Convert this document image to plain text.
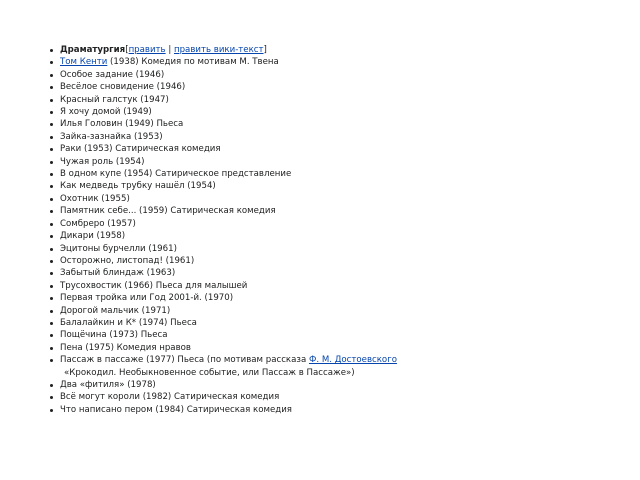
Драматургия[править | править вики-текст]
Том Кенти (1938) Комедия по мотивам М. Твена
Особое задание (1946)
Весёлое сновидение (1946)
Красный галстук (1947)
Я хочу домой (1949)
Илья Головин (1949) Пьеса
Зайка-зазнайка (1953)
Раки (1953) Сатирическая комедия
Чужая роль (1954)
В одном купе (1954) Сатирическое представление
Как медведь трубку нашёл (1954)
Охотник (1955)
Памятник себе... (1959) Сатирическая комедия
Сомбреро (1957)
Дикари (1958)
Эцитоны бурчелли (1961)
Осторожно, листопад! (1961)
Забытый блиндаж (1963)
Трусохвостик (1966) Пьеса для малышей
Первая тройка или Год 2001-й. (1970)
Дорогой мальчик (1971)
Балалайкин и К* (1974) Пьеса
Пощёчина (1973) Пьеса
Пена (1975) Комедия нравов
Пассаж в пассаже (1977) Пьеса (по мотивам рассказа Ф. М. Достоевского
«Крокодил. Необыкновенное событие, или Пассаж в Пассаже»)
Два «фитиля» (1978)
Всё могут короли (1982) Сатирическая комедия
Что написано пером (1984) Сатирическая комедия
